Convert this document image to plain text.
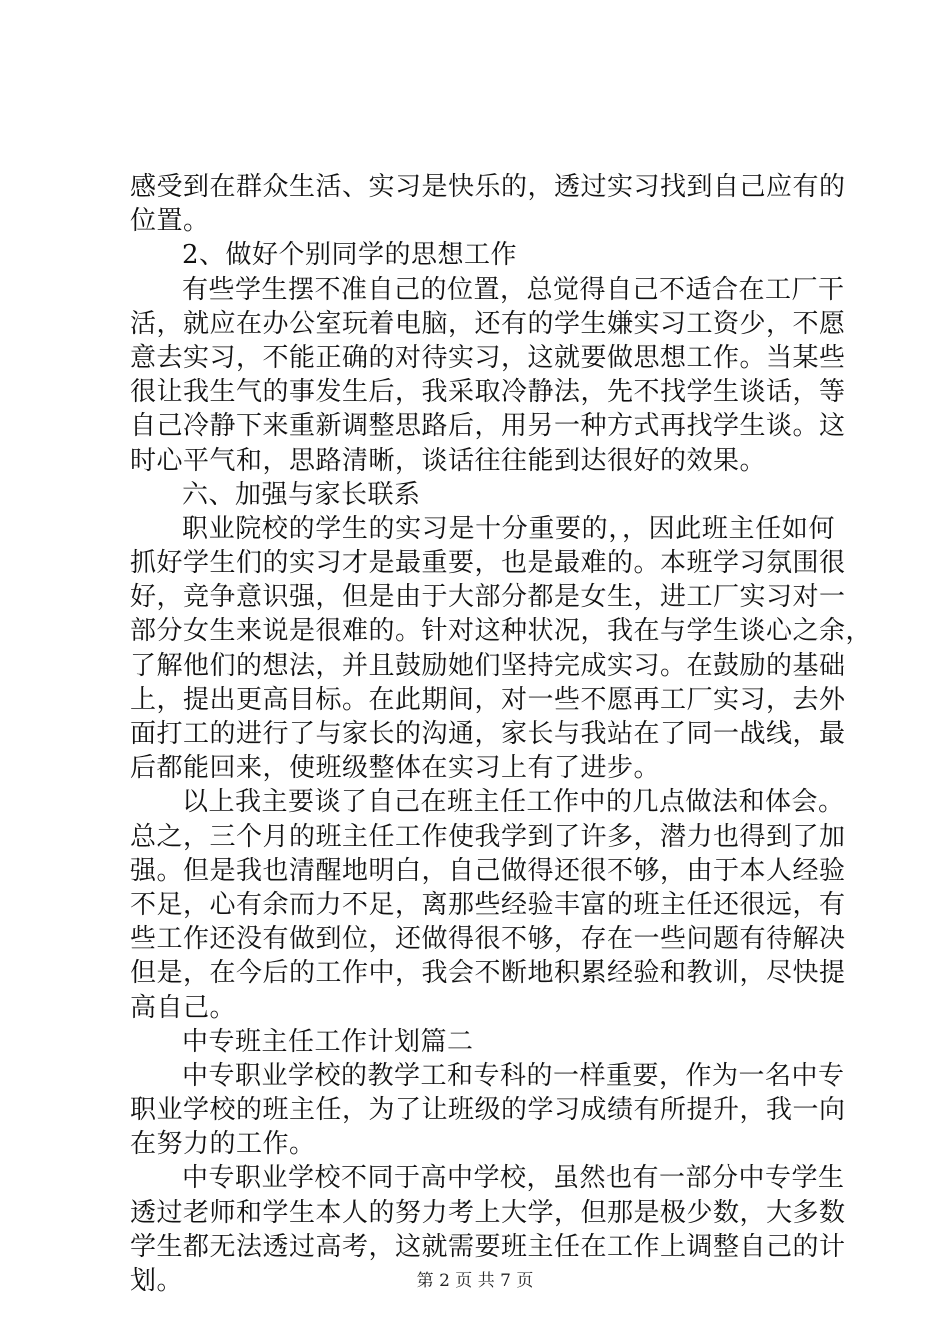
感受到在群众生活、实习是快乐的，透过实习找到自己应有的
位置。
2、做好个别同学的思想工作
有些学生摆不准自己的位置，总觉得自己不适合在工厂干
活，就应在办公室玩着电脑，还有的学生嫌实习工资少，不愿
意去实习，不能正确的对待实习，这就要做思想工作。当某些
很让我生气的事发生后，我采取冷静法，先不找学生谈话，等
自己冷静下来重新调整思路后，用另一种方式再找学生谈。这
时心平气和，思路清晰，谈话往往能到达很好的效果。
六、加强与家长联系
职业院校的学生的实习是十分重要的，，因此班主任如何
抓好学生们的实习才是最重要，也是最难的。本班学习氛围很
好，竞争意识强，但是由于大部分都是女生，进工厂实习对一
部分女生来说是很难的。针对这种状况，我在与学生谈心之余，
了解他们的想法，并且鼓励她们坚持完成实习。在鼓励的基础
上，提出更高目标。在此期间，对一些不愿再工厂实习，去外
面打工的进行了与家长的沟通，家长与我站在了同一战线，最
后都能回来，使班级整体在实习上有了进步。
以上我主要谈了自己在班主任工作中的几点做法和体会。
总之，三个月的班主任工作使我学到了许多，潜力也得到了加
强。但是我也清醒地明白，自己做得还很不够，由于本人经验
不足，心有余而力不足，离那些经验丰富的班主任还很远，有
些工作还没有做到位，还做得很不够，存在一些问题有待解决
但是，在今后的工作中，我会不断地积累经验和教训，尽快提
高自己。
中专班主任工作计划篇二
中专职业学校的教学工和专科的一样重要，作为一名中专
职业学校的班主任，为了让班级的学习成绩有所提升，我一向
在努力的工作。
中专职业学校不同于高中学校，虽然也有一部分中专学生
透过老师和学生本人的努力考上大学，但那是极少数，大多数
学生都无法透过高考，这就需要班主任在工作上调整自己的计
划。	第 2 页 共 7 页
